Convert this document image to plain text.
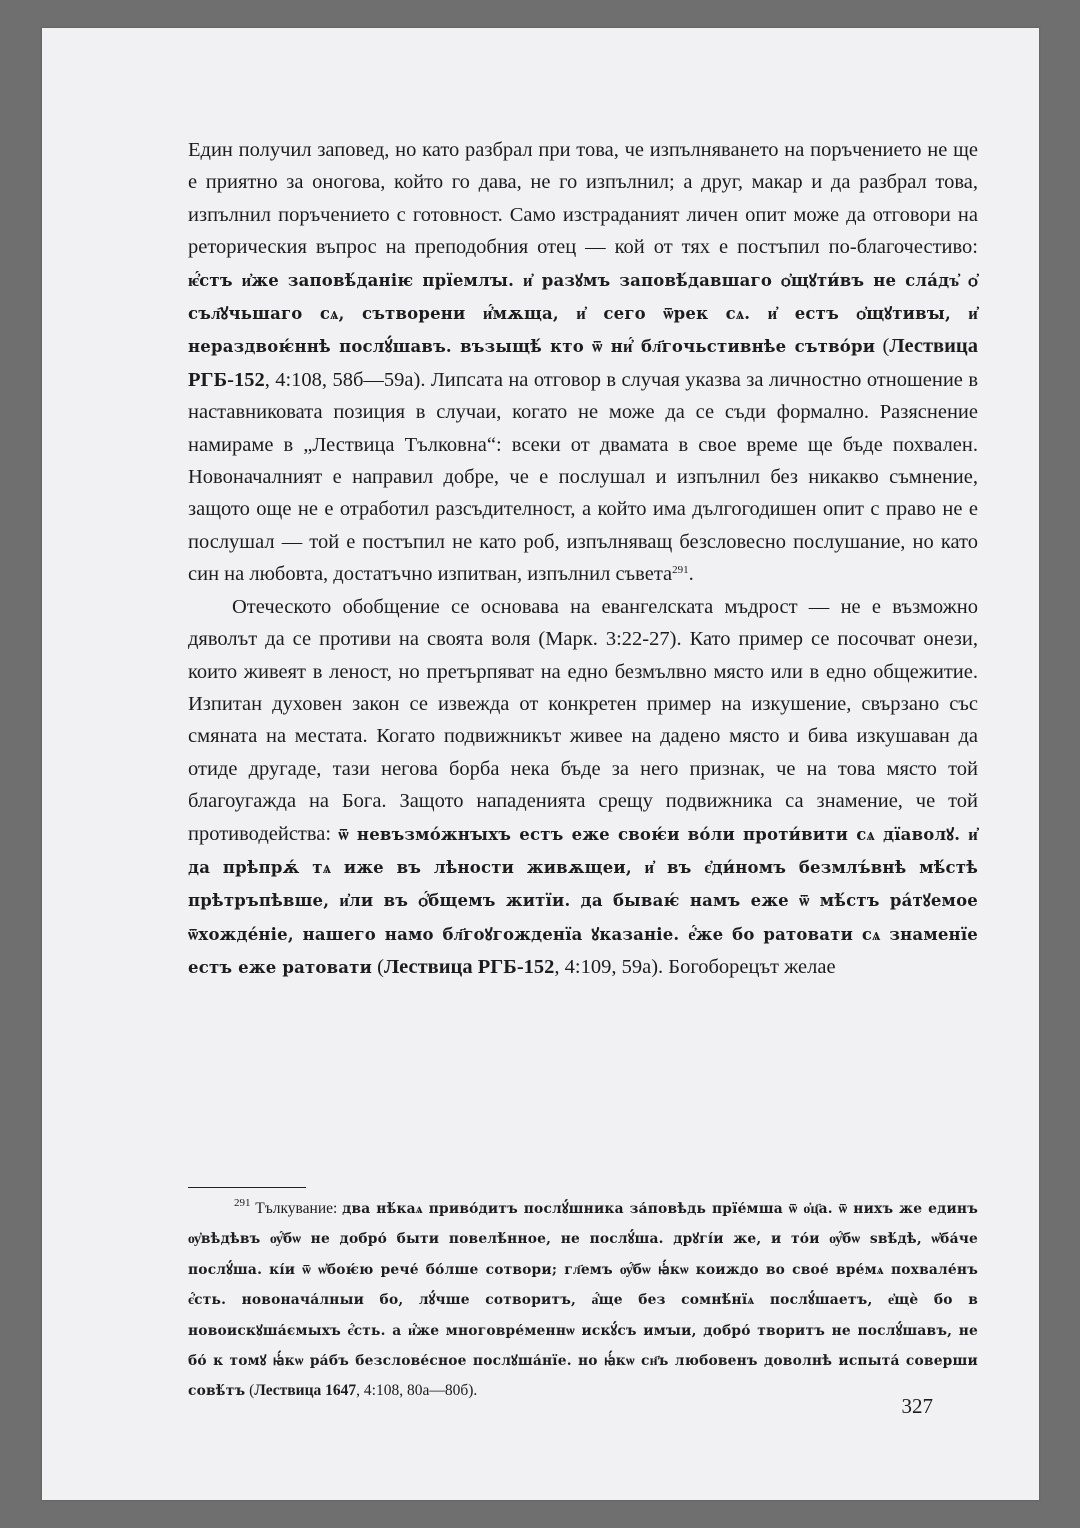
Един получил заповед, но като разбрал при това, че изпълняването на поръчението не ще е приятно за оногова, който го дава, не го изпълнил; а друг, макар и да разбрал това, изпълнил поръчението с готовност. Само изстраданият личен опит може да отговори на реторическия въпрос на преподобния отец — кой от тях е постъпил по-благочестиво: ѥ҆́стъ и҆же заповѣ́даніѥ прїемлꙑ. и҆ разꙋмъ заповѣ́давшаго ѻ҆щꙋти́въ не сла́дъ҆ ѻ҆ съл҄ꙋчьшаго сѧ, сътворени и҆́мѫща, и҆ сего ѿрек сѧ. и҆ естъ ѻ҆щꙋтивꙑ, и҆ нераздвоѥ́ннѣ послꙋ́шавъ. възыщѣ́ кто ѿ ни҆́ бл҃гочьстивнѣе сътво́ри (Лествица РГБ-152, 4:108, 58б—59а). Липсата на отговор в случая указва за личностно отношение в наставниковата позиция в случаи, когато не може да се съди формално. Разяснение намираме в „Лествица Тълковна“: всеки от двамата в свое време ще бъде похвален. Новоначалният е направил добре, че е послушал и изпълнил без никакво съмнение, защото още не е отработил разсъдителност, а който има дългогодишен опит с право не е послушал — той е постъпил не като роб, изпълняващ безсловесно послушание, но като син на любовта, достатъчно изпитван, изпълнил съвета$^{291}$.

Отеческото обобщение се основава на евангелската мъдрост — не е възможно дяволът да се противи на своята воля (Марк. 3:22-27). Като пример се посочват онези, които живеят в леност, но претърпяват на едно безмълвно място или в едно общежитие. Изпитан духовен закон се извежда от конкретен пример на изкушение, свързано със смяната на местата. Когато подвижникът живее на дадено място и бива изкушаван да отиде другаде, тази негова борба нека бъде за него признак, че на това място той благоугажда на Бога. Защото нападенията срещу подвижника са знамение, че той противодейства: ѿ невъзмо́жнꙑхъ естъ еже своѥ́и во́ли проти́вити сѧ дїаволꙋ. и҆ да прѣпрѫ́ тѧ иже въ лѣности живѫщеи, и҆ въ є҆ди́номъ безмлъ́внѣ мѣ́стѣ прѣтръпѣвше, и҆ли въ ѻ҆́бщемъ житїи. да бываѥ́ намъ еже ѿ мѣ́стъ ра́тꙋемое ѿхожде́ніе, нашего намо бл҃гоꙋгожденїа ꙋказаніе. е҆́же бо ратовати сѧ знаменїе естъ еже ратовати (Лествица РГБ-152, 4:109, 59а). Богоборецът желае

$^{291}$ Тълкувание: два нѣ́каѧ приво́дитъ послꙋ́шника за́повѣдь прїе́мша ѿ о҆ц҃а. ѿ нихъ же единъ ѹ҆вѣдѣвъ ѹ҆́бѡ не добро́ быти повелѣ́нное, не послꙋ́ша. дрꙋгі́и же, и то́и ѹ҆́бѡ ѕвѣ́дѣ, ѡ҆ба́че послꙋ́ша. кі́и ѿ ѡ҆боѥ́ю рече́ бо́лше сотвори; гл҃емъ ѹ҆́бѡ ꙗ҆́кѡ коиждо во свое́ вре́мѧ похвале́нъ є҆́сть. новонача́лныи бо, лꙋ́чше сотворитъ, а҆́ще без сомнѣ́нїѧ послꙋ́шаетъ, е҆щѐ бо в новоискꙋша́ємыхъ є҆́сть. а и҆́же многовре́меннѡ искꙋ́съ имꙑи, добро́ творитъ не послꙋ́шавъ, не бо́ к томꙋ ꙗ҆́кѡ ра́бъ безслове́сное послꙋша́нїе. но ꙗ҆́кѡ сн҃ъ любовенъ доволнѣ испыта́ соверши совѣ́тъ (Лествица 1647, 4:108, 80а—80б).

327
